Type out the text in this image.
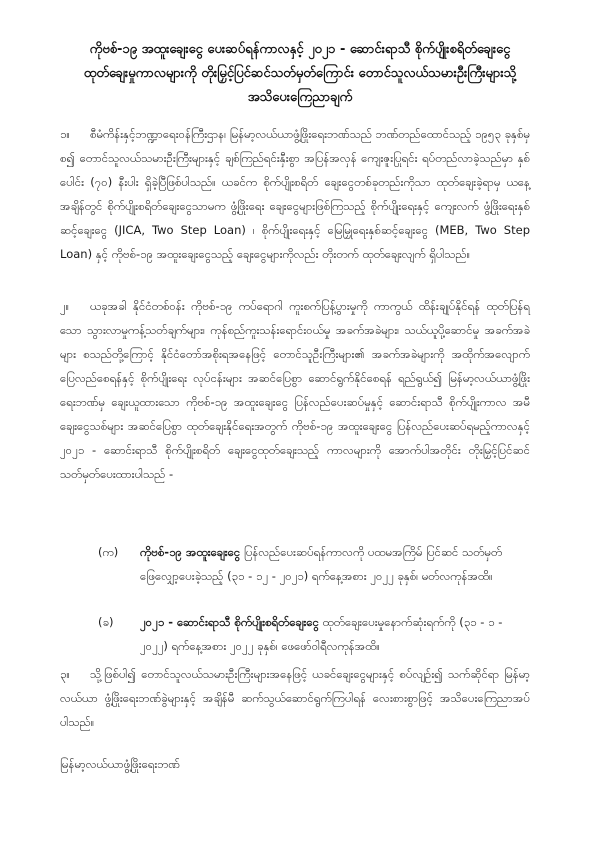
ကိုဗစ်-၁၉ အထူးချေးငွေ ပေးဆပ်ရန်ကာလနှင့် ၂၀၂၁ - ဆောင်းရာသီ စိုက်ပျိုးစရိတ်ချေးငွေ
ထုတ်ချေးမှုကာလများကို တိုးမြှင့်ပြင်ဆင်သတ်မှတ်ကြောင်း တောင်သူလယ်သမားဦးကြီးများသို့
အသိပေးကြေညာချက်
၁။ စီမံကိန်းနှင့်ဘဏ္ဍာရေးဝန်ကြီးဌာန၊ မြန်မာ့လယ်ယာဖွံ့ဖြိုးရေးဘဏ်သည် ဘဏ်တည်ထောင်သည့် ၁၉၅၃ ခုနှစ်မှစ၍ တောင်သူလယ်သမားဦးကြီးများနှင့် ချစ်ကြည်ရင်းနှီးစွာ အပြန်အလှန် ကျေးဇူးပြုရင်း ရပ်တည်လာခဲ့သည်မှာ နှစ်ပေါင်း (၇၀) နီးပါး ရှိခဲ့ပြီဖြစ်ပါသည်။ ယခင်က စိုက်ပျိုးစရိတ် ချေးငွေတစ်ခုတည်းကိုသာ ထုတ်ချေးခဲ့ရာမှ ယနေ့အချိန်တွင် စိုက်ပျိုးစရိတ်ချေးငွေသာမက ဖွံ့ဖြိုးရေး ချေးငွေများဖြစ်ကြသည့် စိုက်ပျိုးရေးနှင့် ကျေးလက် ဖွံ့ဖြိုးရေးနှစ်ဆင့်ချေးငွေ (JICA, Two Step Loan) ၊ စိုက်ပျိုးရေးနှင့် မြေမြှုရေးနှစ်ဆင့်ချေးငွေ (MEB, Two Step Loan) နှင့် ကိုဗစ်-၁၉ အထူးချေးငွေသည့် ချေးငွေများကိုလည်း တိုးတက် ထုတ်ချေးလျက် ရှိပါသည်။
၂။ ယခုအခါ နိုင်ငံတစ်ဝန်း ကိုဗစ်-၁၉ ကပ်ရောဂါ ကူးစက်ပြန့်ပွားမှုကို ကာကွယ် ထိန်းချုပ်နိုင်ရန် ထုတ်ပြန်ရသော သွားလာမှုကန့်သတ်ချက်များ၊ ကုန်စည်ကူးသန်းရောင်းဝယ်မှု အခက်အခဲများ၊ သယ်ယူပို့ဆောင်မှု အခက်အခဲများ စသည်တို့ကြောင့် နိုင်ငံတော်အစိုးရအနေဖြင့် တောင်သူဦးကြီးများ၏ အခက်အခဲများကို အထိုက်အလျောက် ပြေလည်စေရန်နှင့် စိုက်ပျိုးရေး လုပ်ငန်းများ အဆင်ပြေစွာ ဆောင်ရွက်နိုင်စေရန် ရည်ရွယ်၍ မြန်မာ့လယ်ယာဖွံ့ဖြိုးရေးဘဏ်မှ ချေးယူထားသော ကိုဗစ်-၁၉ အထူးချေးငွေ ပြန်လည်ပေးဆပ်မှုနှင့် ဆောင်းရာသီ စိုက်ပျိုးကာလ အမီ ချေးငွေသစ်များ အဆင်ပြေစွာ ထုတ်ချေးနိုင်ရေးအတွက် ကိုဗစ်-၁၉ အထူးချေးငွေ ပြန်လည်ပေးဆပ်ရမည့်ကာလနှင့် ၂၀၂၁ - ဆောင်းရာသီ စိုက်ပျိုးစရိတ် ချေးငွေထုတ်ချေးသည့် ကာလများကို အောက်ပါအတိုင်း တိုးမြှင့်ပြင်ဆင် သတ်မှတ်ပေးထားပါသည် -
(က)	ကိုဗစ်-၁၉ အထူးချေးငွေ ပြန်လည်ပေးဆပ်ရန်ကာလကို ပထမအကြိမ် ပြင်ဆင် သတ်မှတ် ဖြေလျှော့ပေးခဲ့သည့် (၃၁ - ၁၂ - ၂၀၂၁) ရက်နေ့အစား ၂၀၂၂ ခုနှစ်၊ မတ်လကုန်အထိ။
(ခ)	၂၀၂၁ - ဆောင်းရာသီ စိုက်ပျိုးစရိတ်ချေးငွေ ထုတ်ချေးပေးမှုနောက်ဆုံးရက်ကို (၃၁ - ၁ - ၂၀၂၂) ရက်နေ့အစား ၂၀၂၂ ခုနှစ်၊ ဖေဖော်ဝါရီလကုန်အထိ။
၃။ သို့ဖြစ်ပါ၍ တောင်သူလယ်သမားဦးကြီးများအနေဖြင့် ယခင်ချေးငွေများနှင့် စပ်လျဉ်း၍ သက်ဆိုင်ရာ မြန်မာ့လယ်ယာ ဖွံ့ဖြိုးရေးဘဏ်ခွဲများနှင့် အချိန်မီ ဆက်သွယ်ဆောင်ရွက်ကြပါရန် လေးစားစွာဖြင့် အသိပေးကြေညာအပ်ပါသည်။
မြန်မာ့လယ်ယာဖွံ့ဖြိုးရေးဘဏ်
